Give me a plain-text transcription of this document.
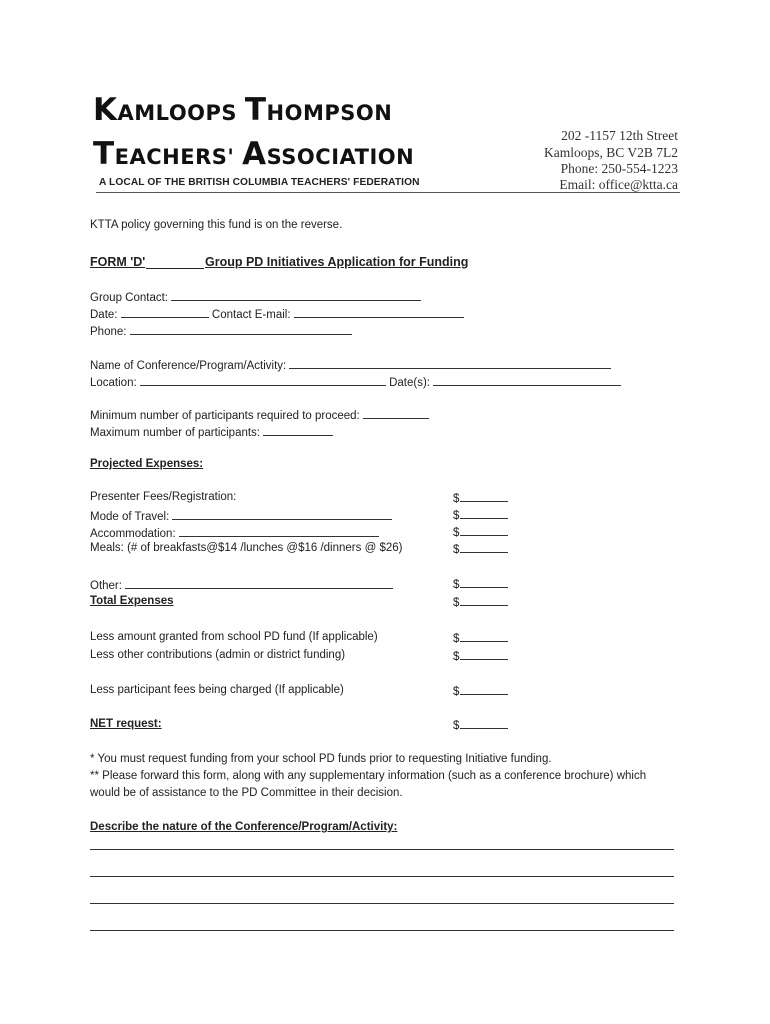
KAMLOOPS THOMPSON
TEACHERS' ASSOCIATION
A LOCAL OF THE BRITISH COLUMBIA TEACHERS' FEDERATION
202 -1157 12th Street
Kamloops, BC V2B 7L2
Phone: 250-554-1223
Email: office@ktta.ca
KTTA policy governing this fund is on the reverse.
FORM 'D'	Group PD Initiatives Application for Funding
Group Contact:
Date:	Contact E-mail:
Phone:
Name of Conference/Program/Activity:
Location:	Date(s):
Minimum number of participants required to proceed:
Maximum number of participants:
Projected Expenses:
Presenter Fees/Registration:	$
Mode of Travel:	$
Accommodation:	$
Meals: (# of breakfasts@$14 /lunches @$16 /dinners @ $26)	$
Other:	$
Total Expenses	$
Less amount granted from school PD fund (If applicable)	$
Less other contributions (admin or district funding)	$
Less participant fees being charged (If applicable)	$
NET request:	$
* You must request funding from your school PD funds prior to requesting Initiative funding.
** Please forward this form, along with any supplementary information (such as a conference brochure) which
would be of assistance to the PD Committee in their decision.
Describe the nature of the Conference/Program/Activity:
